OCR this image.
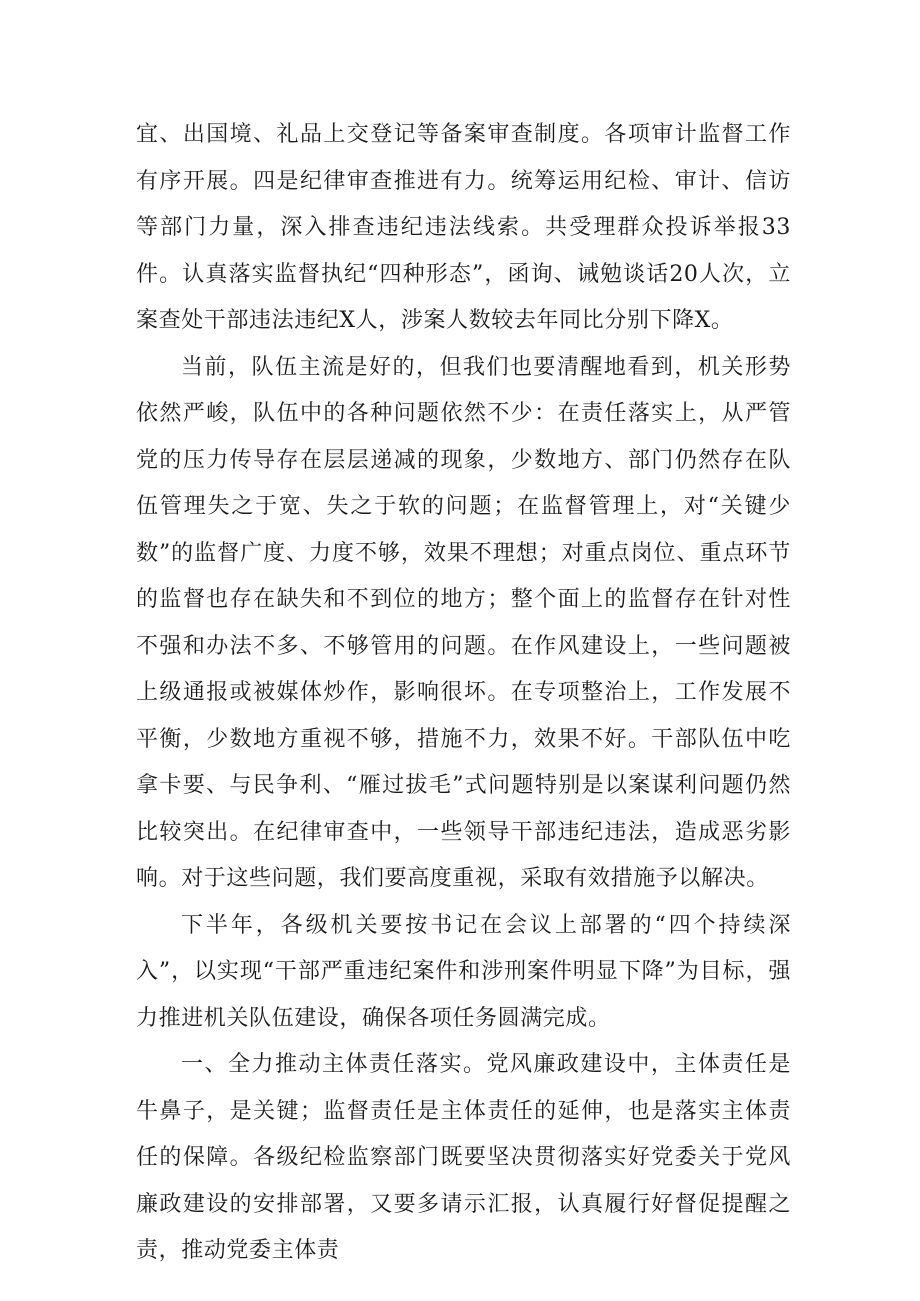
宜、出国境、礼品上交登记等备案审查制度。各项审计监督工作有序开展。四是纪律审查推进有力。统筹运用纪检、审计、信访等部门力量，深入排查违纪违法线索。共受理群众投诉举报33件。认真落实监督执纪“四种形态”，函询、诫勉谈话20人次，立案查处干部违法违纪X人，涉案人数较去年同比分别下降X。

当前，队伍主流是好的，但我们也要清醒地看到，机关形势依然严峻，队伍中的各种问题依然不少：在责任落实上，从严管党的压力传导存在层层递减的现象，少数地方、部门仍然存在队伍管理失之于宽、失之于软的问题；在监督管理上，对“关键少数”的监督广度、力度不够，效果不理想；对重点岗位、重点环节的监督也存在缺失和不到位的地方；整个面上的监督存在针对性不强和办法不多、不够管用的问题。在作风建设上，一些问题被上级通报或被媒体炒作，影响很坏。在专项整治上，工作发展不平衡，少数地方重视不够，措施不力，效果不好。干部队伍中吃拿卡要、与民争利、“雁过拔毛”式问题特别是以案谋利问题仍然比较突出。在纪律审查中，一些领导干部违纪违法，造成恶劣影响。对于这些问题，我们要高度重视，采取有效措施予以解决。

下半年，各级机关要按书记在会议上部署的“四个持续深入”，以实现“干部严重违纪案件和涉刑案件明显下降”为目标，强力推进机关队伍建设，确保各项任务圆满完成。

一、全力推动主体责任落实。党风廉政建设中，主体责任是牛鼻子，是关键；监督责任是主体责任的延伸，也是落实主体责任的保障。各级纪检监察部门既要坚决贯彻落实好党委关于党风廉政建设的安排部署，又要多请示汇报，认真履行好督促提醒之责，推动党委主体责
